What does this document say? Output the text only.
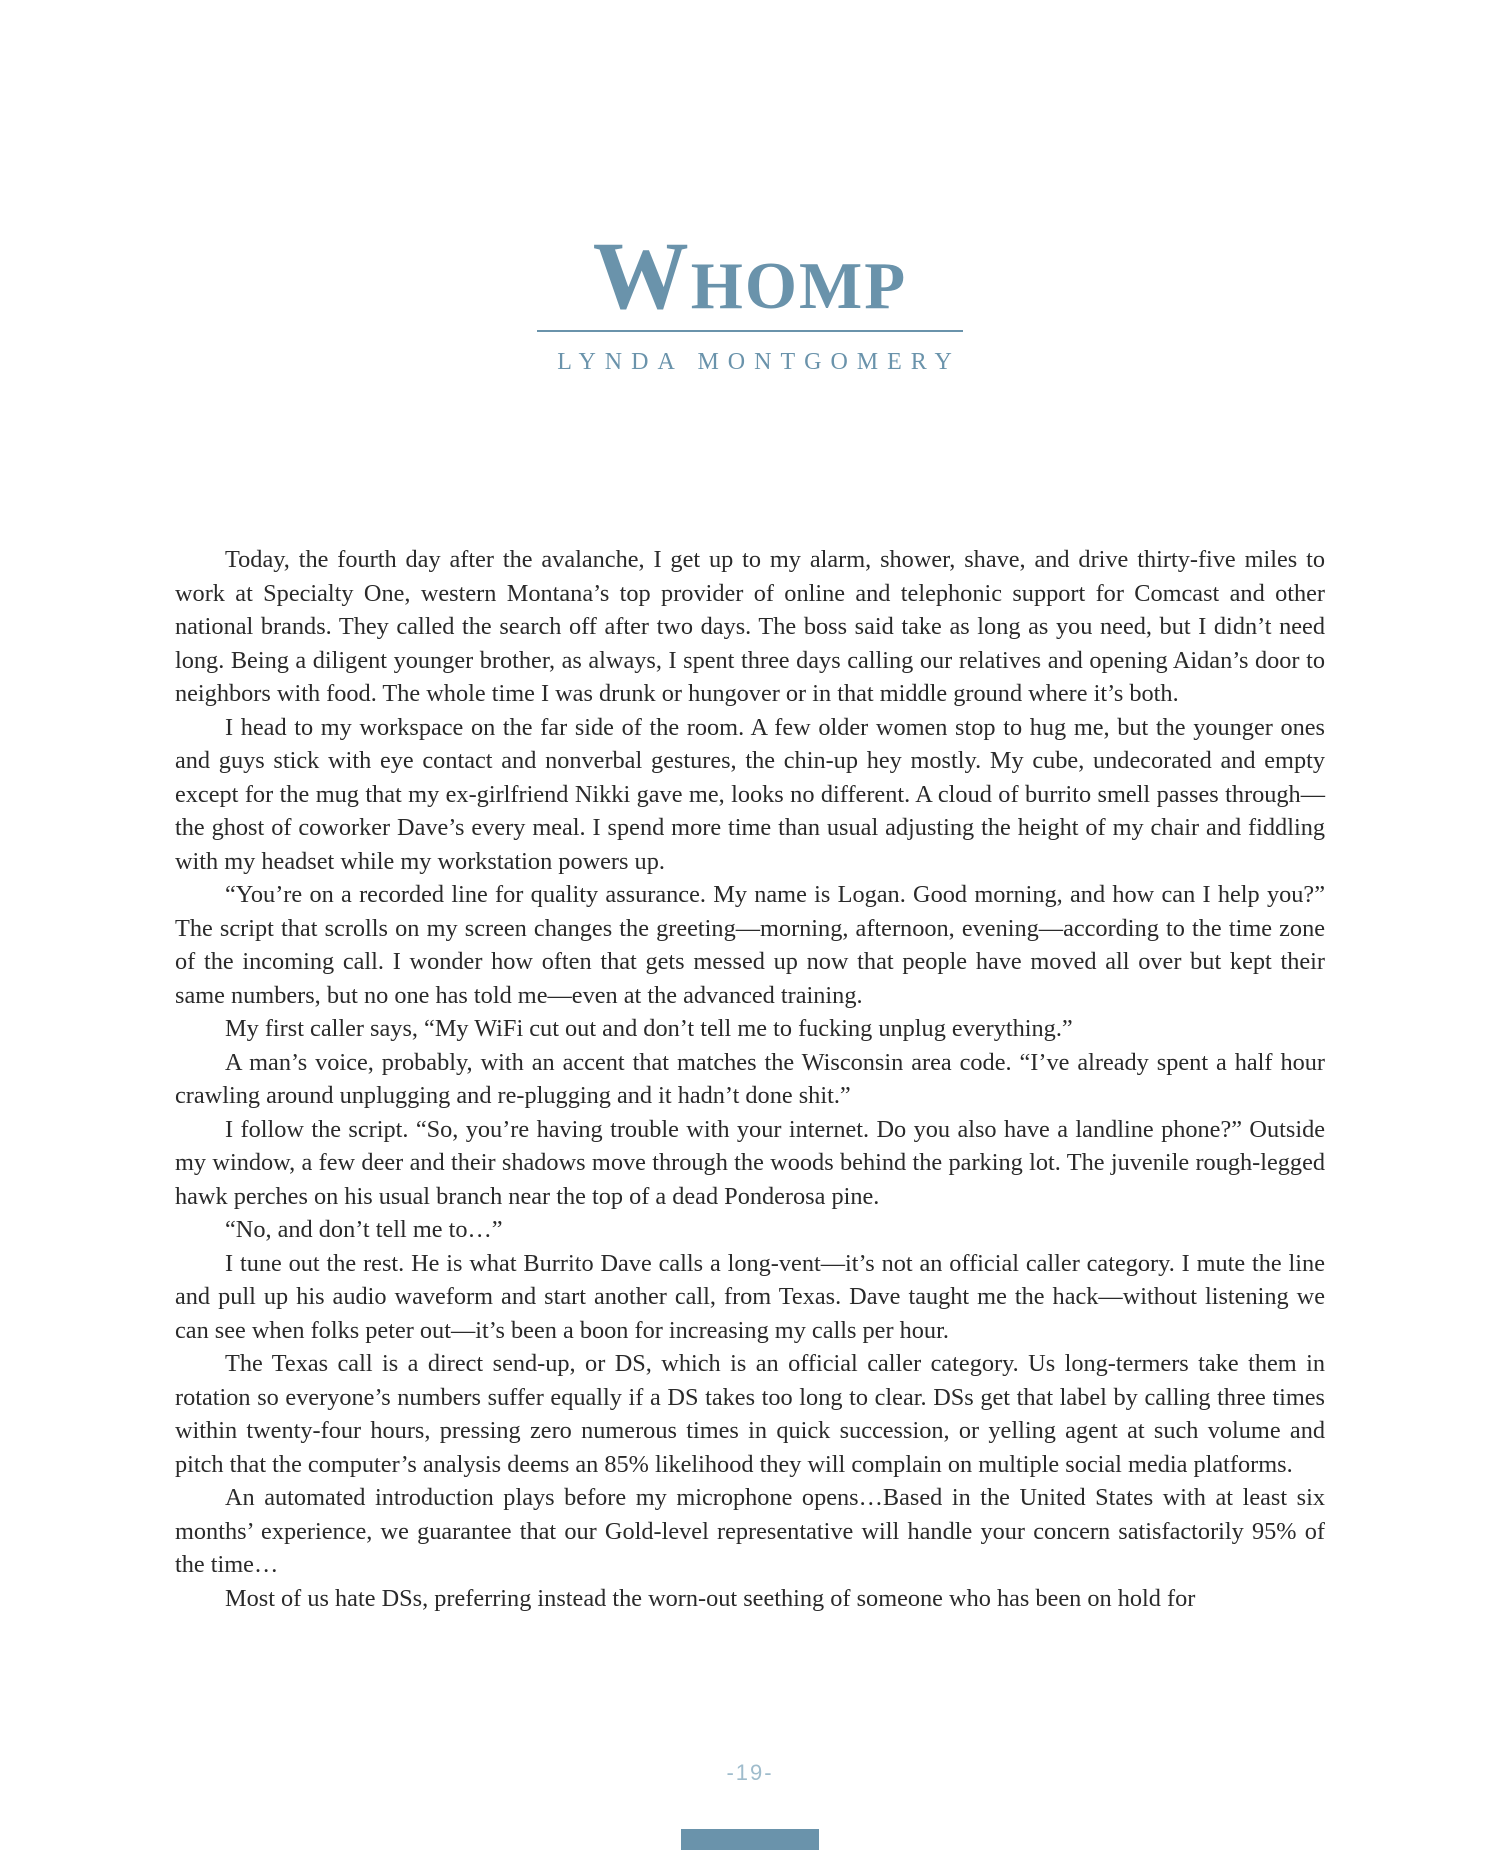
Whomp
LYNDA MONTGOMERY

Today, the fourth day after the avalanche, I get up to my alarm, shower, shave, and drive thirty-five miles to work at Specialty One, western Montana’s top provider of online and telephonic support for Comcast and other national brands. They called the search off after two days. The boss said take as long as you need, but I didn’t need long. Being a diligent younger brother, as always, I spent three days calling our relatives and opening Aidan’s door to neighbors with food. The whole time I was drunk or hungover or in that middle ground where it’s both.

I head to my workspace on the far side of the room. A few older women stop to hug me, but the younger ones and guys stick with eye contact and nonverbal gestures, the chin-up hey mostly. My cube, undecorated and empty except for the mug that my ex-girlfriend Nikki gave me, looks no different. A cloud of burrito smell passes through—the ghost of coworker Dave’s every meal. I spend more time than usual adjusting the height of my chair and fiddling with my headset while my workstation powers up.

“You’re on a recorded line for quality assurance. My name is Logan. Good morning, and how can I help you?” The script that scrolls on my screen changes the greeting—morning, afternoon, evening—according to the time zone of the incoming call. I wonder how often that gets messed up now that people have moved all over but kept their same numbers, but no one has told me—even at the advanced training.

My first caller says, “My WiFi cut out and don’t tell me to fucking unplug everything.”

A man’s voice, probably, with an accent that matches the Wisconsin area code. “I’ve already spent a half hour crawling around unplugging and re-plugging and it hadn’t done shit.”

I follow the script. “So, you’re having trouble with your internet. Do you also have a landline phone?” Outside my window, a few deer and their shadows move through the woods behind the parking lot. The juvenile rough-legged hawk perches on his usual branch near the top of a dead Ponderosa pine.

“No, and don’t tell me to…”

I tune out the rest. He is what Burrito Dave calls a long-vent—it’s not an official caller category. I mute the line and pull up his audio waveform and start another call, from Texas. Dave taught me the hack—without listening we can see when folks peter out—it’s been a boon for increasing my calls per hour.

The Texas call is a direct send-up, or DS, which is an official caller category. Us long-termers take them in rotation so everyone’s numbers suffer equally if a DS takes too long to clear. DSs get that label by calling three times within twenty-four hours, pressing zero numerous times in quick succession, or yelling agent at such volume and pitch that the computer’s analysis deems an 85% likelihood they will complain on multiple social media platforms.

An automated introduction plays before my microphone opens…Based in the United States with at least six months’ experience, we guarantee that our Gold-level representative will handle your concern satisfactorily 95% of the time…

Most of us hate DSs, preferring instead the worn-out seething of someone who has been on hold for

-19-
